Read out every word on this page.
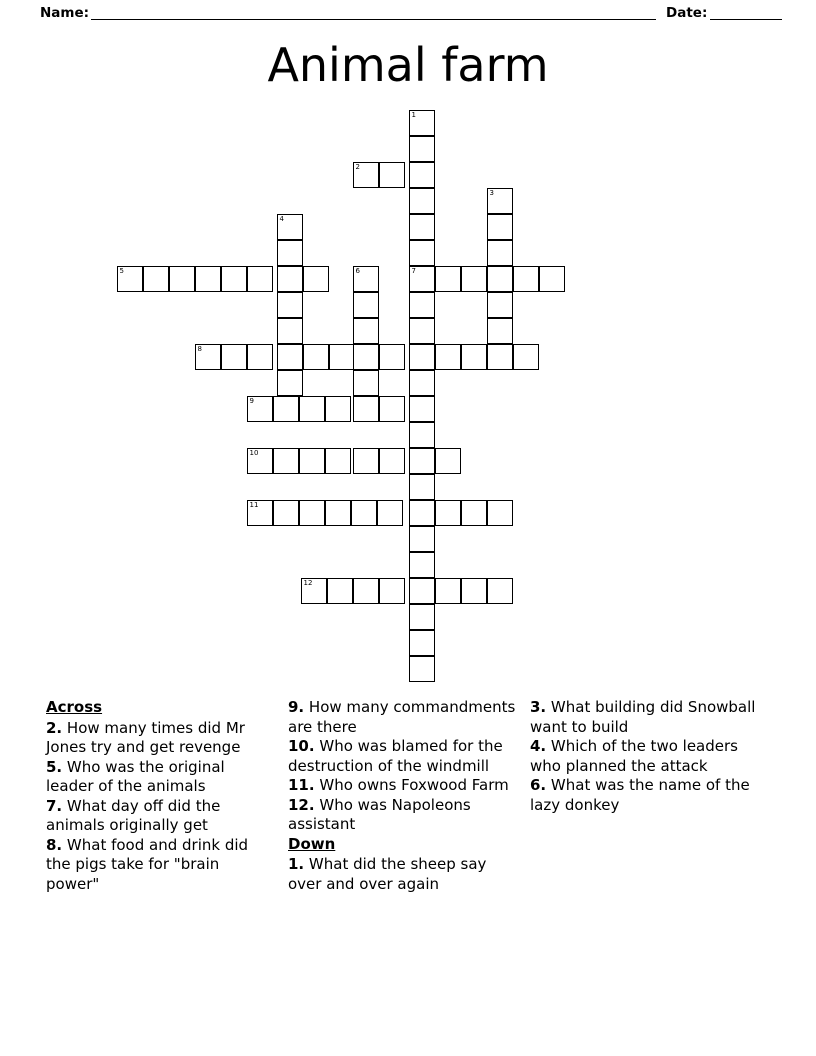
Name:	Date:
Animal farm
1
2
3
4
5	6	7
8
9
10
11
12
Across
2. How many times did Mr Jones try and get revenge
5. Who was the original leader of the animals
7. What day off did the animals originally get
8. What food and drink did the pigs take for "brain power"
9. How many commandments are there
10. Who was blamed for the destruction of the windmill
11. Who owns Foxwood Farm
12. Who was Napoleons assistant
Down
1. What did the sheep say over and over again
3. What building did Snowball want to build
4. Which of the two leaders who planned the attack
6. What was the name of the lazy donkey
